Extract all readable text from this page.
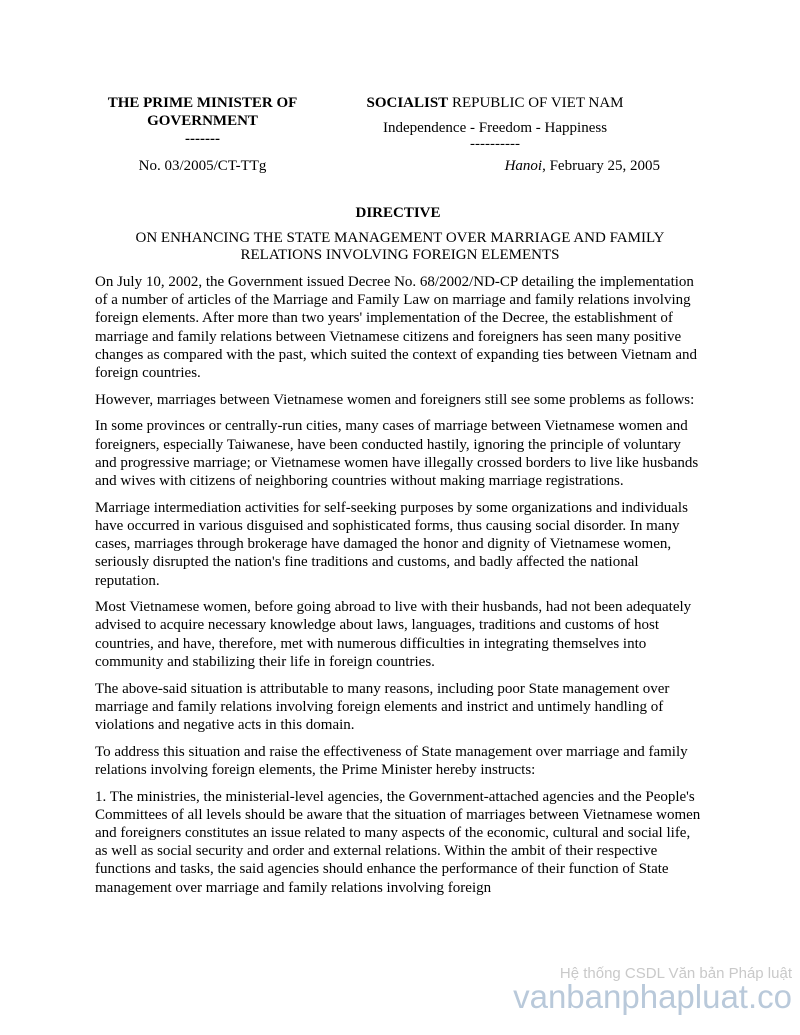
THE PRIME MINISTER OF
GOVERNMENT
-------
No. 03/2005/CT-TTg
SOCIALIST REPUBLIC OF VIET NAM
Independence - Freedom - Happiness
----------
Hanoi, February 25, 2005
DIRECTIVE
ON ENHANCING THE STATE MANAGEMENT OVER MARRIAGE AND FAMILY RELATIONS INVOLVING FOREIGN ELEMENTS

On July 10, 2002, the Government issued Decree No. 68/2002/ND-CP detailing the implementation of a number of articles of the Marriage and Family Law on marriage and family relations involving foreign elements. After more than two years' implementation of the Decree, the establishment of marriage and family relations between Vietnamese citizens and foreigners has seen many positive changes as compared with the past, which suited the context of expanding ties between Vietnam and foreign countries.

However, marriages between Vietnamese women and foreigners still see some problems as follows:

In some provinces or centrally-run cities, many cases of marriage between Vietnamese women and foreigners, especially Taiwanese, have been conducted hastily, ignoring the principle of voluntary and progressive marriage; or Vietnamese women have illegally crossed borders to live like husbands and wives with citizens of neighboring countries without making marriage registrations.

Marriage intermediation activities for self-seeking purposes by some organizations and individuals have occurred in various disguised and sophisticated forms, thus causing social disorder. In many cases, marriages through brokerage have damaged the honor and dignity of Vietnamese women, seriously disrupted the nation's fine traditions and customs, and badly affected the national reputation.

Most Vietnamese women, before going abroad to live with their husbands, had not been adequately advised to acquire necessary knowledge about laws, languages, traditions and customs of host countries, and have, therefore, met with numerous difficulties in integrating themselves into community and stabilizing their life in foreign countries.

The above-said situation is attributable to many reasons, including poor State management over marriage and family relations involving foreign elements and instrict and untimely handling of violations and negative acts in this domain.

To address this situation and raise the effectiveness of State management over marriage and family relations involving foreign elements, the Prime Minister hereby instructs:

1. The ministries, the ministerial-level agencies, the Government-attached agencies and the People's Committees of all levels should be aware that the situation of marriages between Vietnamese women and foreigners constitutes an issue related to many aspects of the economic, cultural and social life, as well as social security and order and external relations. Within the ambit of their respective functions and tasks, the said agencies should enhance the performance of their function of State management over marriage and family relations involving foreign

Hệ thống CSDL Văn bản Pháp luật
vanbanphapluat.co
